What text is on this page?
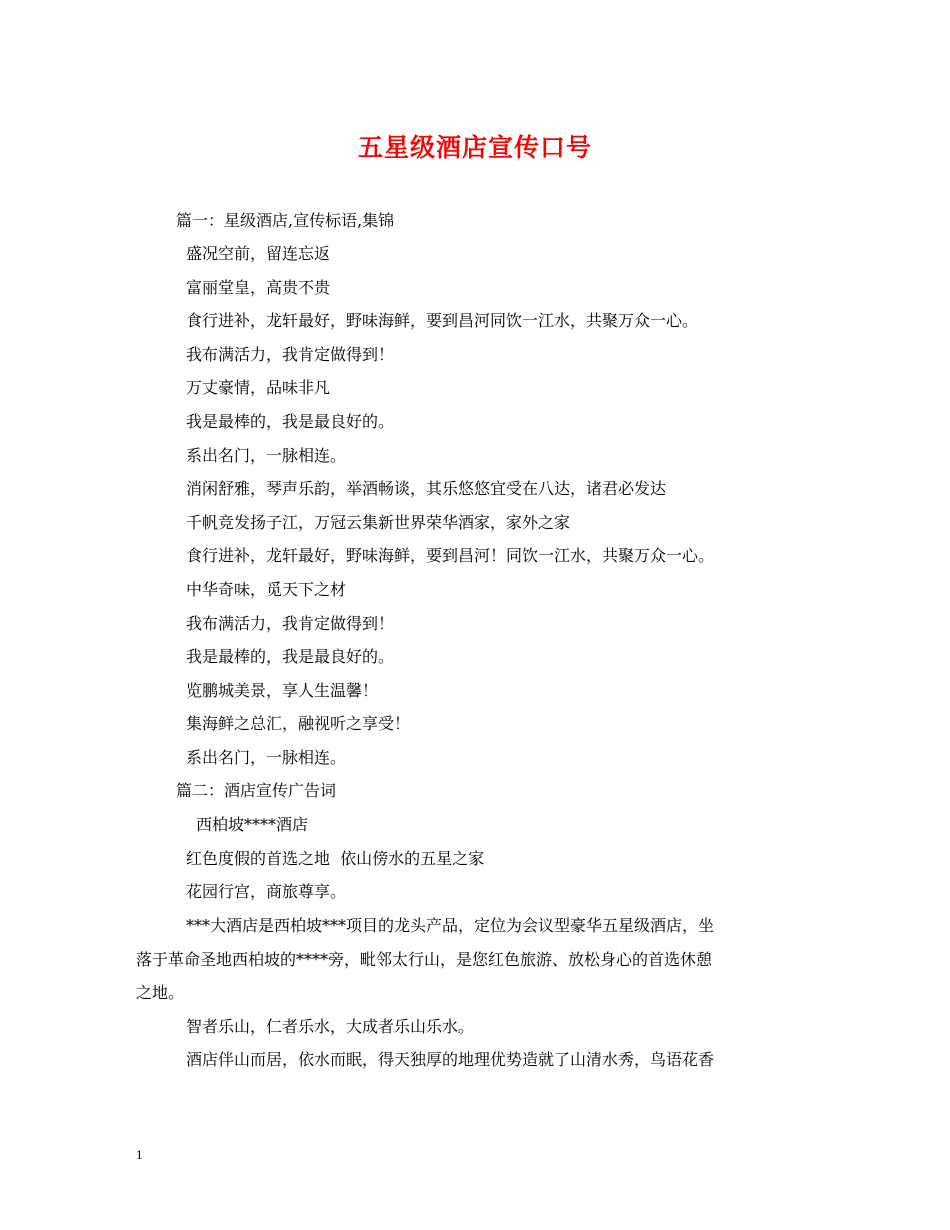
五星级酒店宣传口号
篇一：星级酒店,宣传标语,集锦
盛况空前，留连忘返
富丽堂皇，高贵不贵
食行进补，龙轩最好，野味海鲜，要到昌河同饮一江水，共聚万众一心。
我布满活力，我肯定做得到！
万丈豪情，品味非凡
我是最棒的，我是最良好的。
系出名门，一脉相连。
消闲舒雅，琴声乐韵，举酒畅谈，其乐悠悠宜受在八达，诸君必发达
千帆竞发扬子江，万冠云集新世界荣华酒家，家外之家
食行进补，龙轩最好，野味海鲜，要到昌河！同饮一江水，共聚万众一心。
中华奇味，觅天下之材
我布满活力，我肯定做得到！
我是最棒的，我是最良好的。
览鹏城美景，享人生温馨！
集海鲜之总汇，融视听之享受！
系出名门，一脉相连。
篇二：酒店宣传广告词
西柏坡****酒店
红色度假的首选之地  依山傍水的五星之家
花园行宫，商旅尊享。
***大酒店是西柏坡***项目的龙头产品，定位为会议型豪华五星级酒店，坐
落于革命圣地西柏坡的****旁，毗邻太行山，是您红色旅游、放松身心的首选休憩
之地。
智者乐山，仁者乐水，大成者乐山乐水。
酒店伴山而居，依水而眠，得天独厚的地理优势造就了山清水秀，鸟语花香
1
